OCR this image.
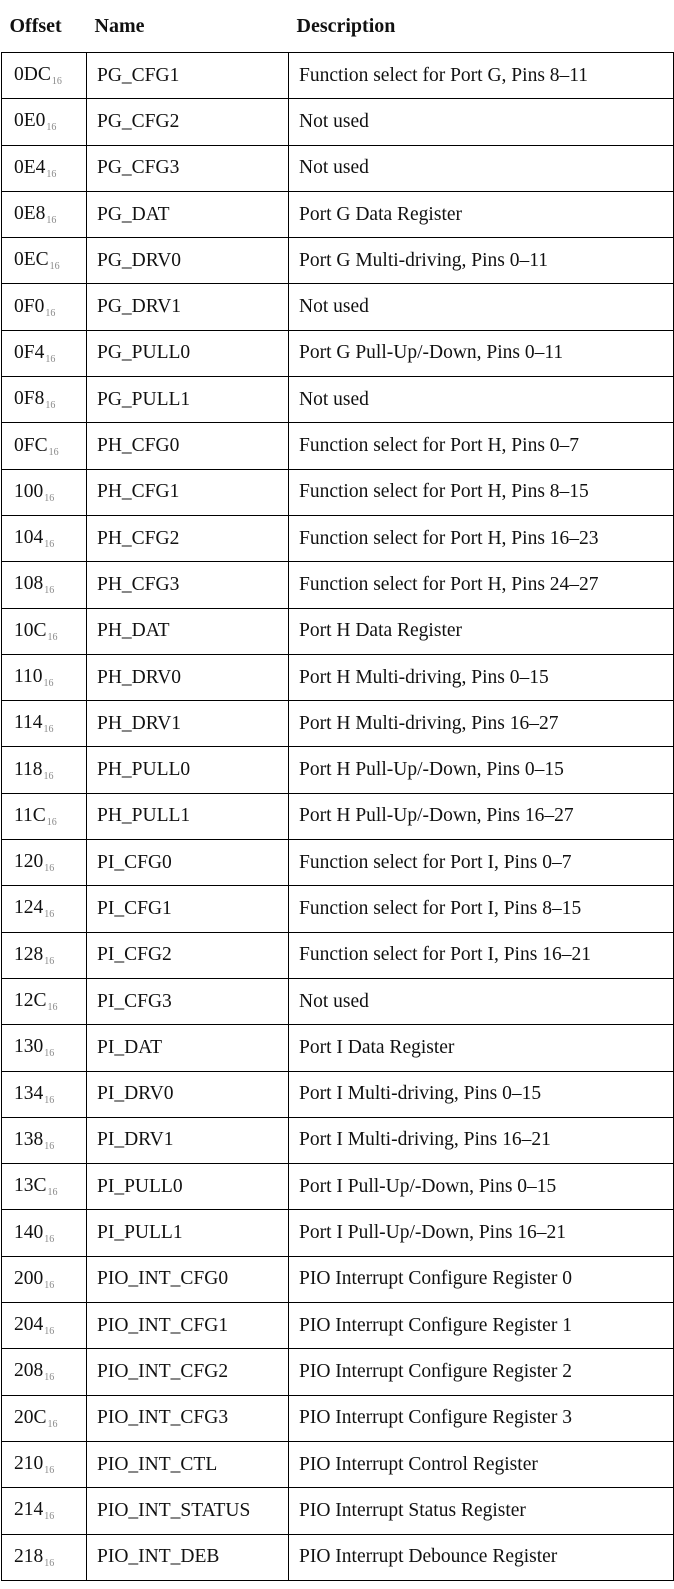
Offset	Name	Description
$0DC_{16}$	PG_CFG1	Function select for Port G, Pins 8–11
$0E0_{16}$	PG_CFG2	Not used
$0E4_{16}$	PG_CFG3	Not used
$0E8_{16}$	PG_DAT	Port G Data Register
$0EC_{16}$	PG_DRV0	Port G Multi-driving, Pins 0–11
$0F0_{16}$	PG_DRV1	Not used
$0F4_{16}$	PG_PULL0	Port G Pull-Up/-Down, Pins 0–11
$0F8_{16}$	PG_PULL1	Not used
$0FC_{16}$	PH_CFG0	Function select for Port H, Pins 0–7
$100_{16}$	PH_CFG1	Function select for Port H, Pins 8–15
$104_{16}$	PH_CFG2	Function select for Port H, Pins 16–23
$108_{16}$	PH_CFG3	Function select for Port H, Pins 24–27
$10C_{16}$	PH_DAT	Port H Data Register
$110_{16}$	PH_DRV0	Port H Multi-driving, Pins 0–15
$114_{16}$	PH_DRV1	Port H Multi-driving, Pins 16–27
$118_{16}$	PH_PULL0	Port H Pull-Up/-Down, Pins 0–15
$11C_{16}$	PH_PULL1	Port H Pull-Up/-Down, Pins 16–27
$120_{16}$	PI_CFG0	Function select for Port I, Pins 0–7
$124_{16}$	PI_CFG1	Function select for Port I, Pins 8–15
$128_{16}$	PI_CFG2	Function select for Port I, Pins 16–21
$12C_{16}$	PI_CFG3	Not used
$130_{16}$	PI_DAT	Port I Data Register
$134_{16}$	PI_DRV0	Port I Multi-driving, Pins 0–15
$138_{16}$	PI_DRV1	Port I Multi-driving, Pins 16–21
$13C_{16}$	PI_PULL0	Port I Pull-Up/-Down, Pins 0–15
$140_{16}$	PI_PULL1	Port I Pull-Up/-Down, Pins 16–21
$200_{16}$	PIO_INT_CFG0	PIO Interrupt Configure Register 0
$204_{16}$	PIO_INT_CFG1	PIO Interrupt Configure Register 1
$208_{16}$	PIO_INT_CFG2	PIO Interrupt Configure Register 2
$20C_{16}$	PIO_INT_CFG3	PIO Interrupt Configure Register 3
$210_{16}$	PIO_INT_CTL	PIO Interrupt Control Register
$214_{16}$	PIO_INT_STATUS	PIO Interrupt Status Register
$218_{16}$	PIO_INT_DEB	PIO Interrupt Debounce Register
